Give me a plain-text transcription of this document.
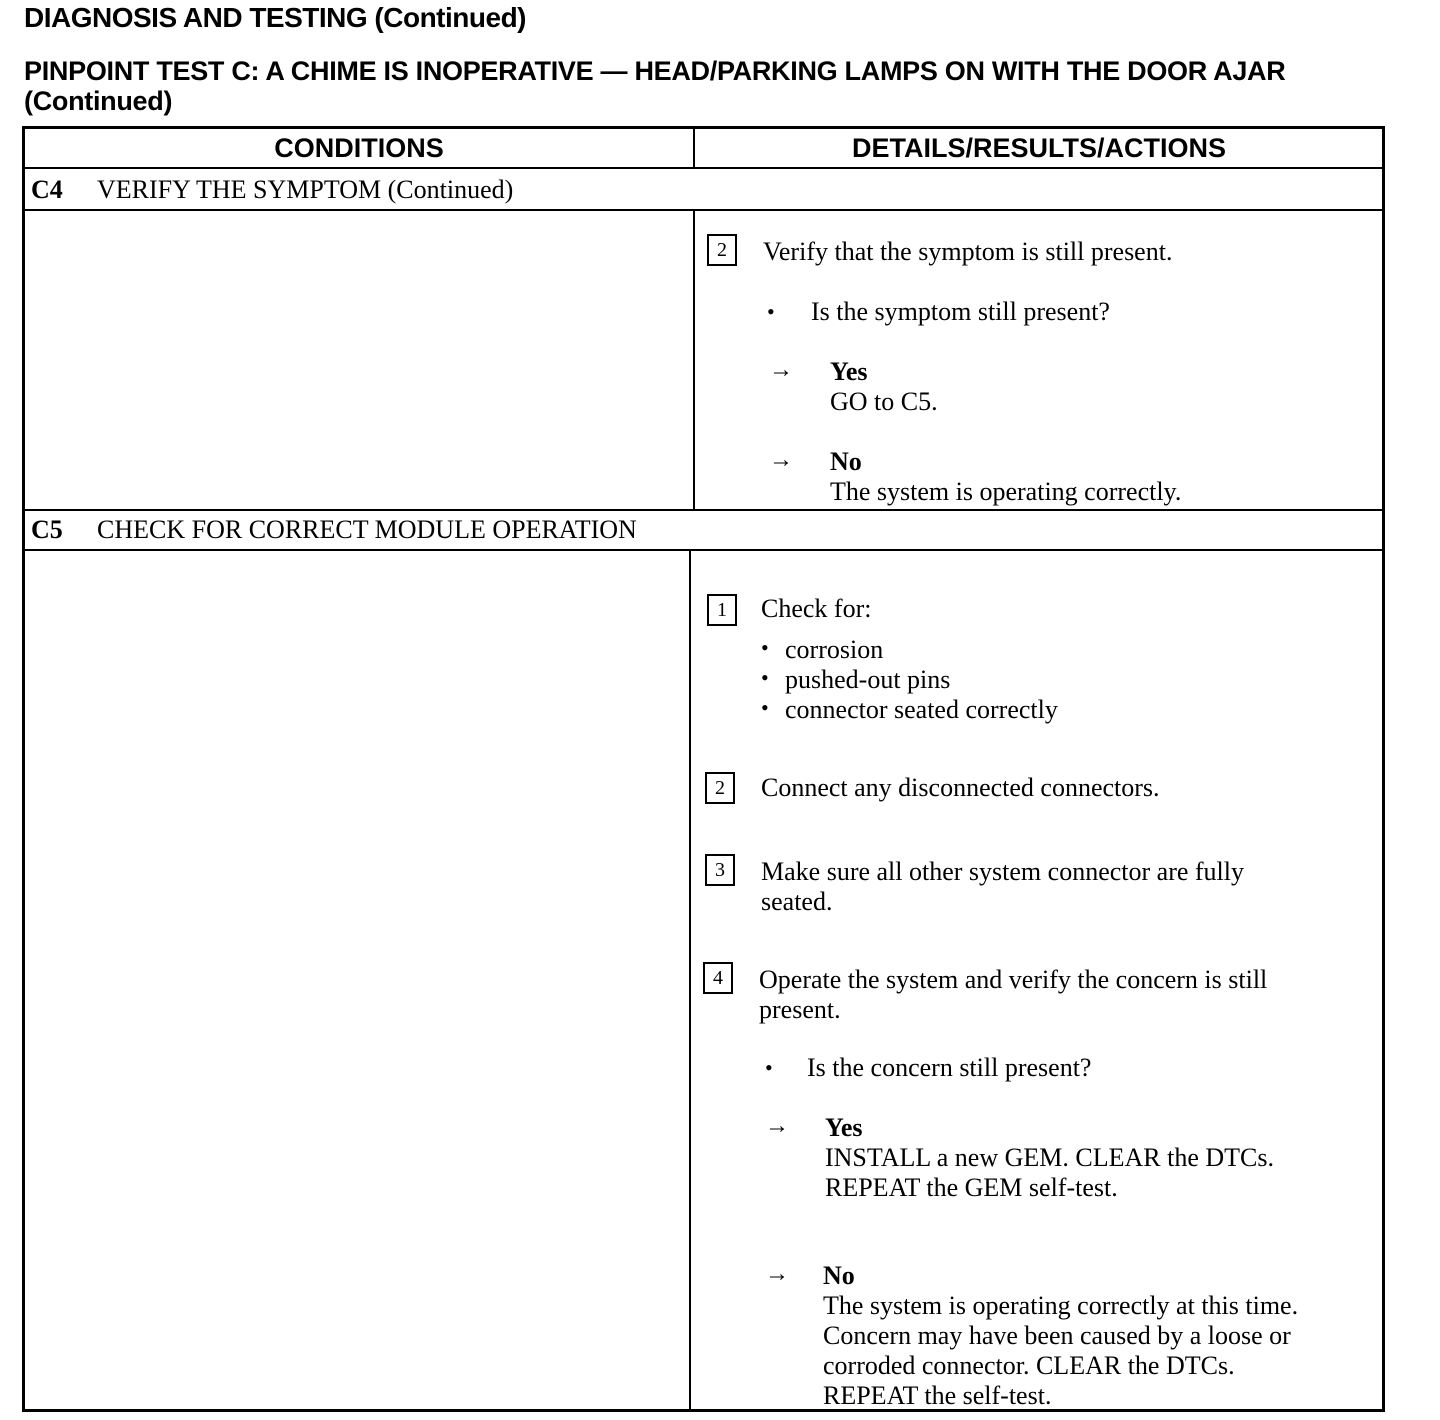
DIAGNOSIS AND TESTING (Continued)
PINPOINT TEST C: A CHIME IS INOPERATIVE — HEAD/PARKING LAMPS ON WITH THE DOOR AJAR (Continued)
CONDITIONS	DETAILS/RESULTS/ACTIONS
C4 VERIFY THE SYMPTOM (Continued)
2	Verify that the symptom is still present.
• Is the symptom still present?
→ Yes
GO to C5.
→ No
The system is operating correctly.
C5 CHECK FOR CORRECT MODULE OPERATION
1	Check for:
• corrosion
• pushed-out pins
• connector seated correctly
2	Connect any disconnected connectors.
3	Make sure all other system connector are fully
seated.
4	Operate the system and verify the concern is still
present.
• Is the concern still present?
→ Yes
INSTALL a new GEM. CLEAR the DTCs.
REPEAT the GEM self-test.
→ No
The system is operating correctly at this time.
Concern may have been caused by a loose or
corroded connector. CLEAR the DTCs.
REPEAT the self-test.
